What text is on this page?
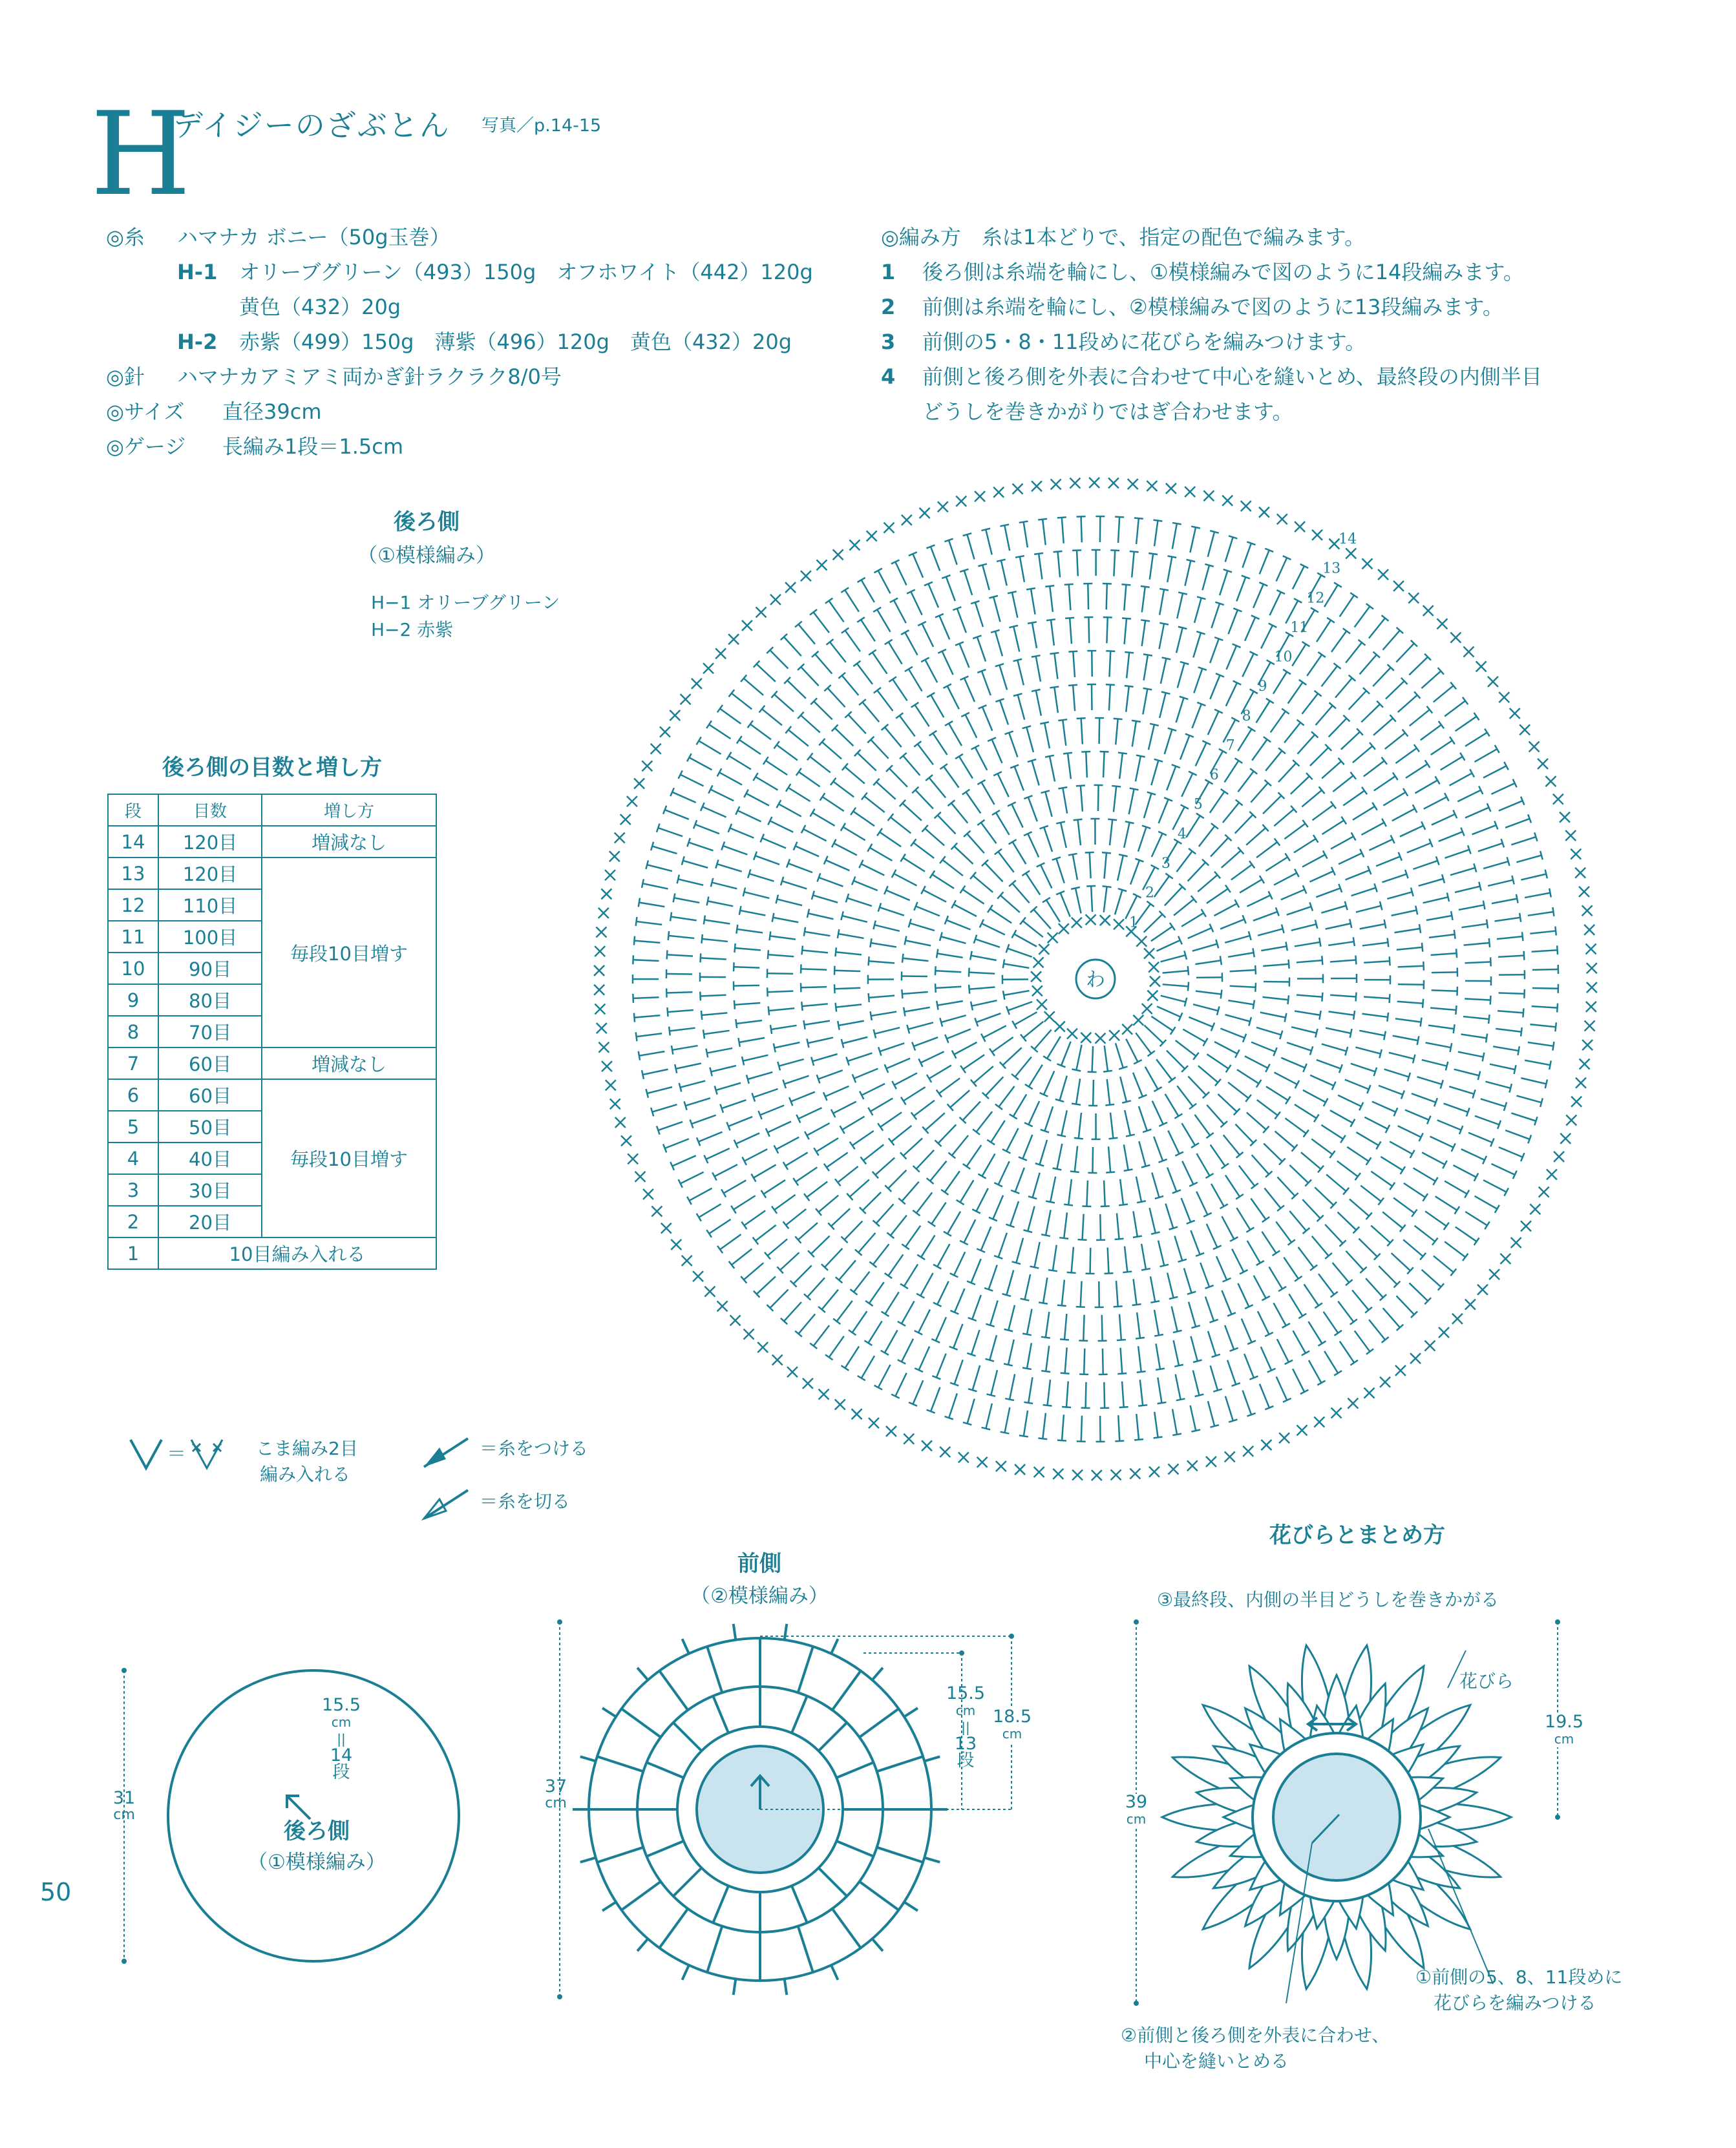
H
デイジーのざぶとん 写真／p.14-15
◎糸 ハマナカ ボニー（50g玉巻）
H-1 オリーブグリーン（493）150g　オフホワイト（442）120g
黄色（432）20g
H-2 赤紫（499）150g　薄紫（496）120g　黄色（432）20g
◎針 ハマナカアミアミ両かぎ針ラクラク8/0号
◎サイズ 直径39cm
◎ゲージ 長編み1段＝1.5cm
◎編み方　糸は1本どりで、指定の配色で編みます。
1 後ろ側は糸端を輪にし、①模様編みで図のように14段編みます。
2 前側は糸端を輪にし、②模様編みで図のように13段編みます。
3 前側の5・8・11段めに花びらを編みつけます。
4 前側と後ろ側を外表に合わせて中心を縫いとめ、最終段の内側半目
どうしを巻きかがりではぎ合わせます。
後ろ側
（①模様編み）
H−1 オリーブグリーン
H−2 赤紫
わ
1
2
3
4
5
6
7
8
9
10
11
12
13
14
後ろ側の目数と増し方
段	目数	増し方
14	120目	増減なし
13	120目	毎段10目増す
12	110目	
11	100目	
10	90目	
9	80目	
8	70目	
7	60目	増減なし
6	60目	毎段10目増す
5	50目	
4	40目	
3	30目	
2	20目	
1	10目編み入れる	
＝	こま編み2目
編み入れる
＝糸をつける
＝糸を切る
31
cm
15.5
cm
||
14
段
後ろ側
（①模様編み）
前側
（②模様編み）
37
cm
15.5
cm
||
13
段
18.5
cm
花びらとまとめ方
③最終段、内側の半目どうしを巻きかがる
花びら
19.5
cm
39
cm
①前側の5、8、11段めに
花びらを編みつける
②前側と後ろ側を外表に合わせ、
中心を縫いとめる
50
